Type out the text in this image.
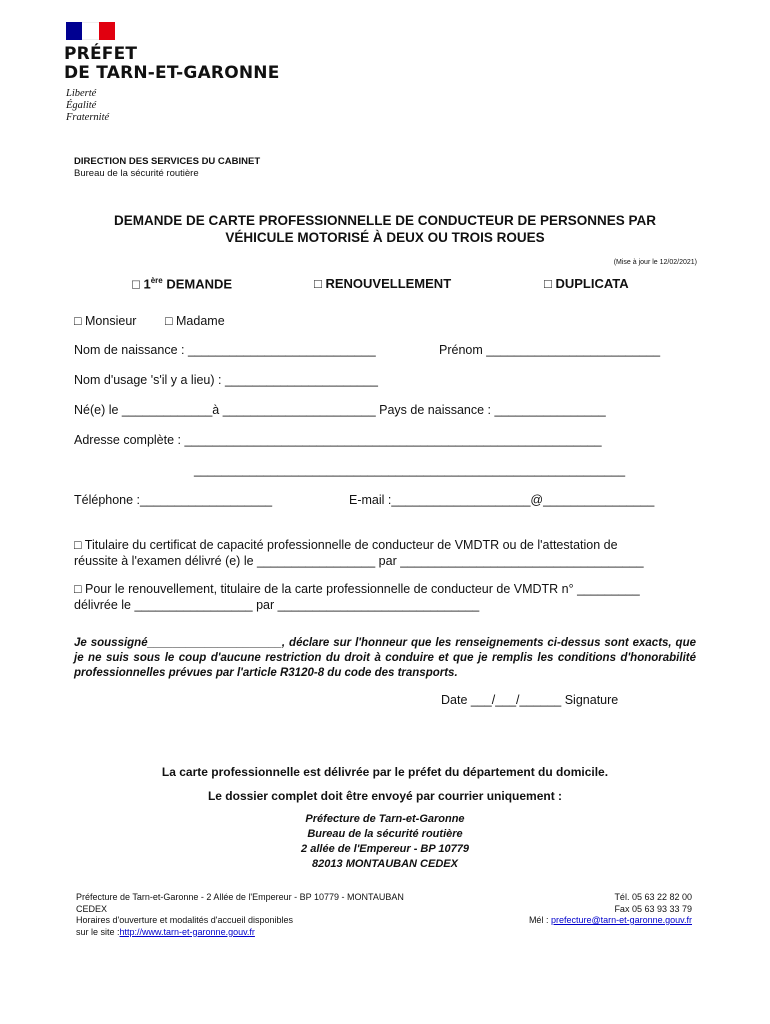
PRÉFET
DE TARN-ET-GARONNE
Liberté
Égalité
Fraternité
DIRECTION DES SERVICES DU CABINET
Bureau de la sécurité routière
DEMANDE DE CARTE PROFESSIONNELLE DE CONDUCTEUR DE PERSONNES PAR
VÉHICULE MOTORISÉ À DEUX OU TROIS ROUES
(Mise à jour le 12/02/2021)
□ 1ère DEMANDE	□ RENOUVELLEMENT	□ DUPLICATA
□ Monsieur □ Madame
Nom de naissance : ___________________________	Prénom _________________________
Nom d'usage 's'il y a lieu) : ______________________
Né(e) le _____________à ______________________ Pays de naissance : ________________
Adresse complète : ____________________________________________________________
______________________________________________________________
Téléphone :___________________	E-mail :____________________@________________
□ Titulaire du certificat de capacité professionnelle de conducteur de VMDTR ou de l'attestation de
réussite à l'examen délivré (e) le _________________ par ___________________________________
□ Pour le renouvellement, titulaire de la carte professionnelle de conducteur de VMDTR n° _________
délivrée le _________________ par _____________________________
Je soussigné_____________________, déclare sur l'honneur que les renseignements ci-dessus sont exacts, que je ne suis sous le coup d'aucune restriction du droit à conduire et que je remplis les conditions d'honorabilité professionnelles prévues par l'article R3120-8 du code des transports.
Date ___/___/______ Signature
La carte professionnelle est délivrée par le préfet du département du domicile.
Le dossier complet doit être envoyé par courrier uniquement :
Préfecture de Tarn-et-Garonne
Bureau de la sécurité routière
2 allée de l'Empereur - BP 10779
82013 MONTAUBAN CEDEX
Préfecture de Tarn-et-Garonne - 2 Allée de l'Empereur - BP 10779 - MONTAUBAN
CEDEX
Horaires d'ouverture et modalités d'accueil disponibles
sur le site :http://www.tarn-et-garonne.gouv.fr
Tél. 05 63 22 82 00
Fax 05 63 93 33 79
Mél : prefecture@tarn-et-garonne.gouv.fr
